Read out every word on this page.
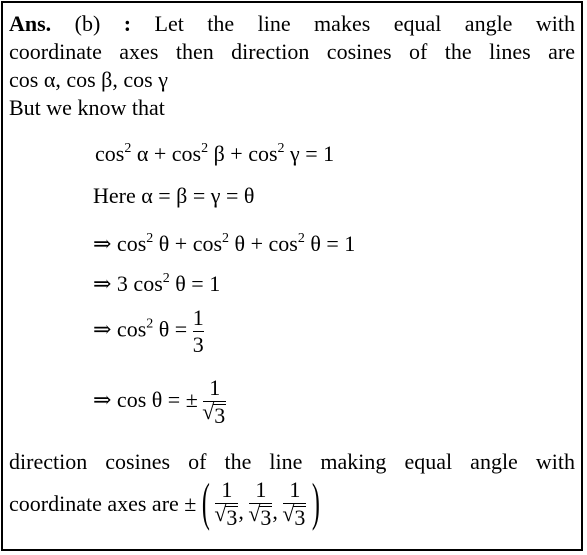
Ans. (b) : Let the line makes equal angle with
coordinate axes then direction cosines of the lines are
cos α, cos β, cos γ
But we know that
$\cos^2 \alpha + \cos^2 \beta + \cos^2 \gamma = 1$
Here α = β = γ = θ
⇒ $\cos^2 \theta + \cos^2 \theta + \cos^2 \theta = 1$
⇒ 3 $\cos^2 \theta = 1$
⇒ $\cos^2 \theta = \frac{1}{3}$
⇒ cos θ = ± $\frac{1}{√ 3}$
direction cosines of the line making equal angle with
coordinate axes are ± ( $\frac{1}{√ 3}$ , $\frac{1}{√ 3}$ , $\frac{1}{√ 3}$ )
